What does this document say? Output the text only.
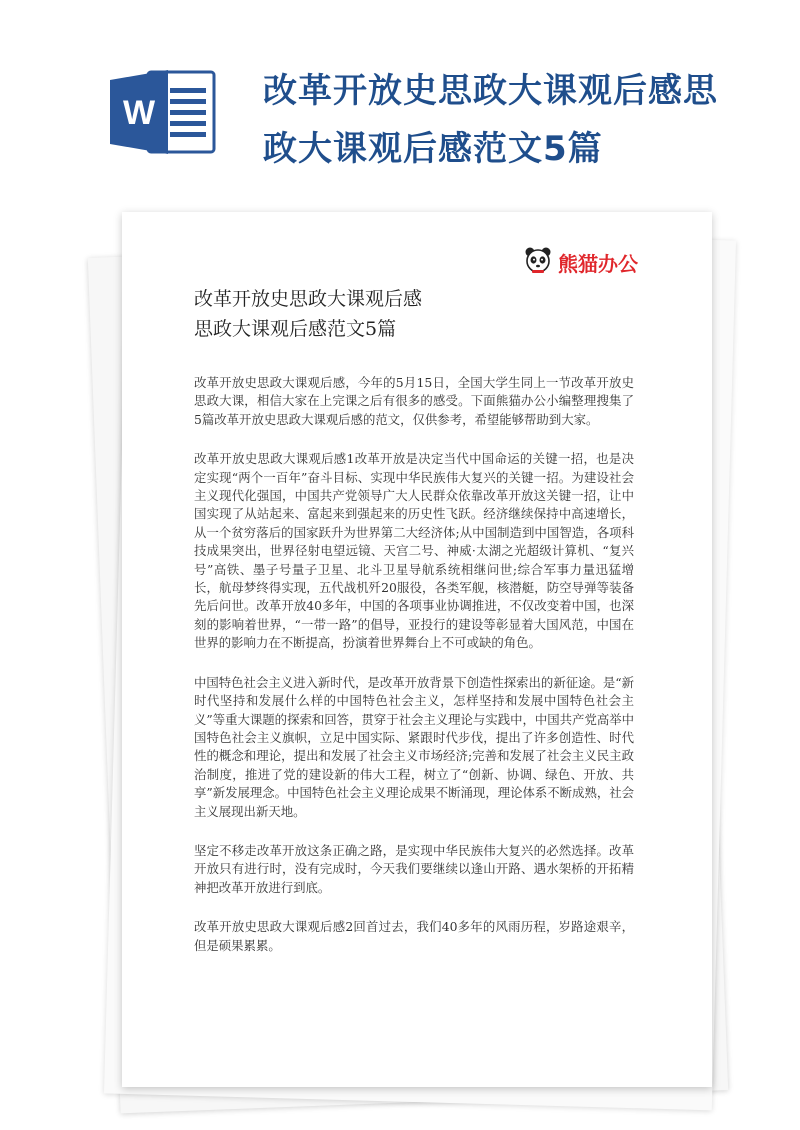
W
改革开放史思政大课观后感思
政大课观后感范文5篇
熊猫办公
改革开放史思政大课观后感
思政大课观后感范文5篇

改革开放史思政大课观后感，今年的5月15日，全国大学生同上一节改革开放史思政大课，相信大家在上完课之后有很多的感受。下面熊猫办公小编整理搜集了5篇改革开放史思政大课观后感的范文，仅供参考，希望能够帮助到大家。

改革开放史思政大课观后感1改革开放是决定当代中国命运的关键一招，也是决定实现“两个一百年”奋斗目标、实现中华民族伟大复兴的关键一招。为建设社会主义现代化强国，中国共产党领导广大人民群众依靠改革开放这关键一招，让中国实现了从站起来、富起来到强起来的历史性飞跃。经济继续保持中高速增长，从一个贫穷落后的国家跃升为世界第二大经济体;从中国制造到中国智造，各项科技成果突出，世界径射电望远镜、天宫二号、神威·太湖之光超级计算机、“复兴号”高铁、墨子号量子卫星、北斗卫星导航系统相继问世;综合军事力量迅猛增长，航母梦终得实现，五代战机歼20服役，各类军舰，核潜艇，防空导弹等装备先后问世。改革开放40多年，中国的各项事业协调推进，不仅改变着中国，也深刻的影响着世界，“一带一路”的倡导，亚投行的建设等彰显着大国风范，中国在世界的影响力在不断提高，扮演着世界舞台上不可或缺的角色。

中国特色社会主义进入新时代，是改革开放背景下创造性探索出的新征途。是“新时代坚持和发展什么样的中国特色社会主义，怎样坚持和发展中国特色社会主义”等重大课题的探索和回答，贯穿于社会主义理论与实践中，中国共产党高举中国特色社会主义旗帜，立足中国实际、紧跟时代步伐，提出了许多创造性、时代性的概念和理论，提出和发展了社会主义市场经济;完善和发展了社会主义民主政治制度，推进了党的建设新的伟大工程，树立了“创新、协调、绿色、开放、共享”新发展理念。中国特色社会主义理论成果不断涌现，理论体系不断成熟，社会主义展现出新天地。

坚定不移走改革开放这条正确之路，是实现中华民族伟大复兴的必然选择。改革开放只有进行时，没有完成时，今天我们要继续以逢山开路、遇水架桥的开拓精神把改革开放进行到底。

改革开放史思政大课观后感2回首过去，我们40多年的风雨历程，岁路途艰辛，但是硕果累累。
